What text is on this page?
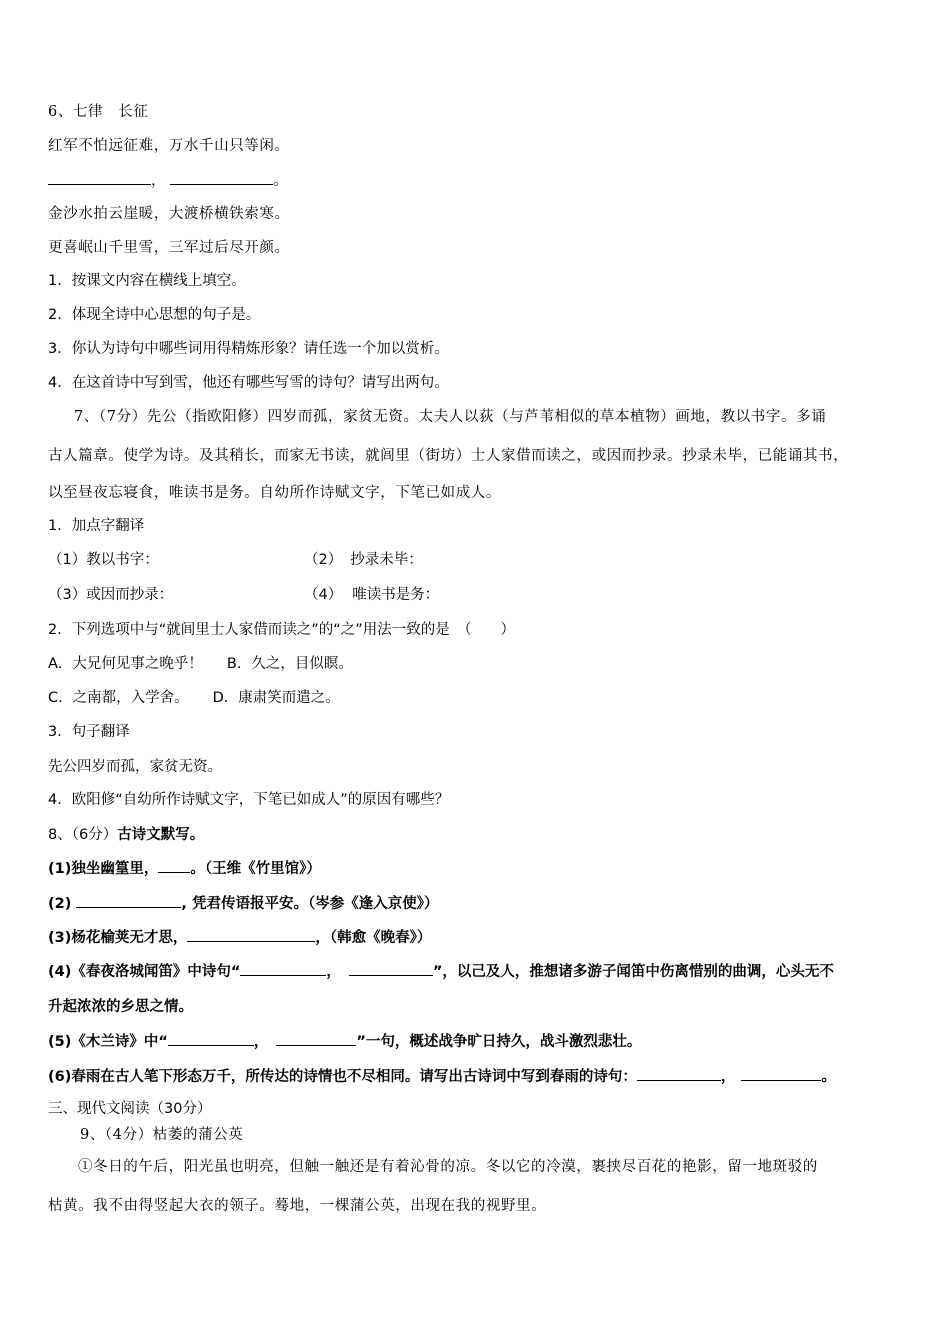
6、七律　长征
红军不怕远征难，万水千山只等闲。
，	。
金沙水拍云崖暖，大渡桥横铁索寒。
更喜岷山千里雪，三军过后尽开颜。
1．按课文内容在横线上填空。
2．体现全诗中心思想的句子是。
3．你认为诗句中哪些词用得精炼形象？请任选一个加以赏析。
4．在这首诗中写到雪，他还有哪些写雪的诗句？请写出两句。
7、（7分）先公（指欧阳修）四岁而孤，家贫无资。太夫人以荻（与芦苇相似的草本植物）画地，教以书字。多诵
古人篇章。使学为诗。及其稍长，而家无书读，就闾里（街坊）士人家借而读之，或因而抄录。抄录未毕，已能诵其书，
以至昼夜忘寝食，唯读书是务。自幼所作诗赋文字，下笔已如成人。
1．加点字翻译
（1）教以书字：	（2） 抄录未毕：
（3）或因而抄录：	（4） 唯读书是务：
2．下列选项中与“就闾里士人家借而读之”的“之”用法一致的是　（　　）
A．大兄何见事之晚乎！ B．久之，目似瞑。
C．之南都，入学舍。 D．康肃笑而遣之。
3．句子翻译
先公四岁而孤，家贫无资。
4．欧阳修“自幼所作诗赋文字，下笔已如成人”的原因有哪些？
8、（6分）古诗文默写。
(1)独坐幽篁里， 。（王维《竹里馆》）
(2)	, 凭君传语报平安。（岑参《逢入京使》）
(3)杨花榆荚无才思，	，（韩愈《晚春》）
(4)《春夜洛城闻笛》中诗句“	，	”，以己及人，推想诸多游子闻笛中伤离惜别的曲调，心头无不
升起浓浓的乡思之情。
(5)《木兰诗》中“	，	”一句，概述战争旷日持久，战斗激烈悲壮。
(6)春雨在古人笔下形态万千，所传达的诗情也不尽相同。请写出古诗词中写到春雨的诗句：	，	。
三、现代文阅读（30分）
9、（4分）枯萎的蒲公英
①冬日的午后，阳光虽也明亮，但触一触还是有着沁骨的凉。冬以它的冷漠，裹挟尽百花的艳影，留一地斑驳的
枯黄。我不由得竖起大衣的领子。蓦地，一棵蒲公英，出现在我的视野里。
